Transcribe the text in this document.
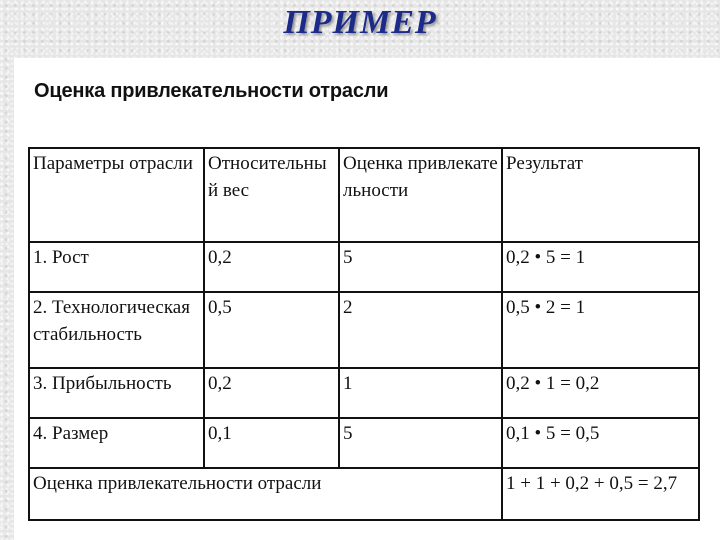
ПРИМЕР
Оценка привлекательности отрасли
Параметры отрасли	Относительный вес	Оценка привлекательности	Результат
1. Рост	0,2	5	0,2 • 5 = 1
2. Технологическая стабильность	0,5	2	0,5 • 2 = 1
3. Прибыльность	0,2	1	0,2 • 1 = 0,2
4. Размер	0,1	5	0,1 • 5 = 0,5
Оценка привлекательности отрасли			1 + 1 + 0,2 + 0,5 = 2,7
